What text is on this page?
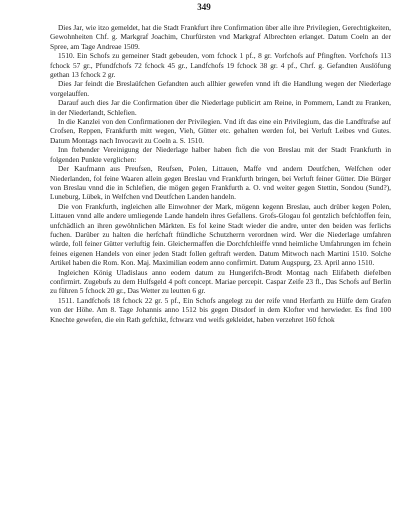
349

Dies Jar, wie itzo gemeldet, hat die Stadt Frankfurt ihre Confirmation über alle ihre Privilegien, Gerechtigkeiten, Gewohnheiten Chf. g. Markgraf Joachim, Churfürsten vnd Markgraf Albrechten erlanget. Datum Coeln an der Spree, am Tage Andreae 1509.

1510. Ein Schofs zu gemeiner Stadt gebeuden, vom fchock 1 pf., 8 gr. Vorfchofs auf Pfingften. Vorfchofs 113 fchock 57 gr., Pfundfchofs 72 fchock 45 gr., Landfchofs 19 fchock 38 gr. 4 pf., Chrf. g. Gefandten Auslöfung gethan 13 fchock 2 gr.

Dies Jar feindt die Breslaüfchen Gefandten auch allhier gewefen vnnd ift die Handlung wegen der Niederlage vorgelauffen.

Darauf auch dies Jar die Confirmation über die Niederlage publicirt am Reine, in Pommern, Landt zu Franken, in der Niederlandt, Schlefien.

In die Kanzlei von den Confirmationen der Privilegien. Vnd ift das eine ein Privilegium, das die Landftrafse auf Crofsen, Reppen, Frankfurth mitt wegen, Vieh, Gütter etc. gehalten werden fol, bei Verluft Leibes vnd Gutes. Datum Montags nach Invocavit zu Coeln a. S. 1510.

Inn ftehender Vereinigung der Niederlage halber haben fich die von Breslau mit der Stadt Frankfurth in folgenden Punkte verglichen:

Der Kaufmann aus Preufsen, Reufsen, Polen, Littauen, Maffe vnd andern Deutfchen, Welfchen oder Niederlanden, fol feine Waaren allein gegen Breslau vnd Frankfurth bringen, bei Verluft feiner Gütter. Die Bürger von Breslau vnnd die in Schlefien, die mögen gegen Frankfurth a. O. vnd weiter gegen Stettin, Sondou (Sund?), Luneburg, Lübek, in Welfchen vnd Deutfchen Landen handeln.

Die von Frankfurth, ingleichen alle Einwohner der Mark, mögenn kegenn Breslau, auch drüber kegen Polen, Littauen vnnd alle andere umliegende Lande handeln ihres Gefallens. Grofs-Glogau fol gentzlich befchloffen fein, unfchädlich an ihren gewöhnlichen Märkten. Es fol keine Stadt wieder die andre, unter den beiden was ferlichs fuchen. Darüber zu halten die herfchaft ftündliche Schutzherrn verordnen wird. Wer die Niederlage umfahren würde, foll feiner Gütter verluftig fein. Gleichermaffen die Dorchfchleiffe vnnd heimliche Umfahrungen im fchein feines eigenen Handels von einer jeden Stadt follen geftraft werden. Datum Mitwoch nach Martini 1510. Solche Artikel haben die Rom. Kon. Maj. Maximilian eodem anno confirmirt. Datum Augspurg, 23. April anno 1510.

Ingleichen König Uladislaus anno eodem datum zu Hungerifch-Brodt Montag nach Elifabeth diefelben confirmirt. Zugebufs zu dem Hulfsgeld 4 poft concept. Mariae percepit. Caspar Zeife 23 fl., Das Schofs auf Berlin zu führen 5 fchock 20 gr., Das Wetter zu leutten 6 gr.

1511. Landfchofs 18 fchock 22 gr. 5 pf., Ein Schofs angelegt zu der reife vnnd Herfarth zu Hülfe dem Grafen von der Höhe. Am 8. Tage Johannis anno 1512 bis gegen Ditsdorf in dem Klofter vnd herwieder. Es find 100 Knechte gewefen, die ein Rath gefchikt, fchwarz vnd weifs gekleidet, haben verzehret 160 fchok
